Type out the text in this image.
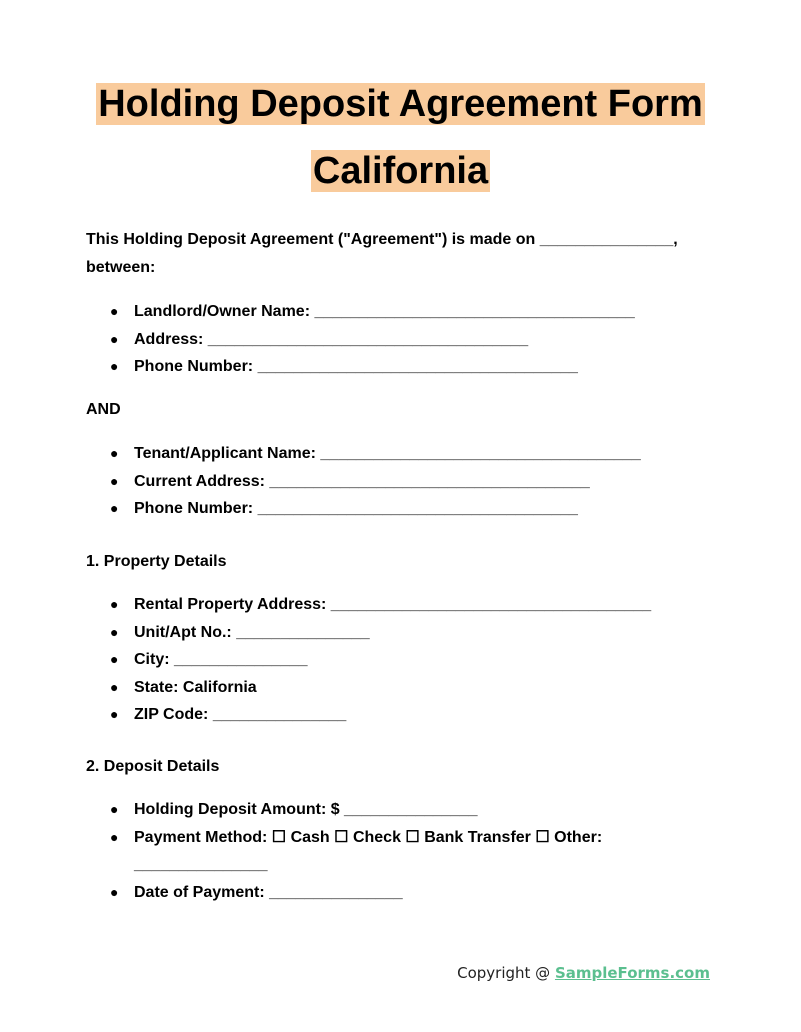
Holding Deposit Agreement Form
California
This Holding Deposit Agreement ("Agreement") is made on _______________,
between:
● Landlord/Owner Name: ____________________________________
● Address: ____________________________________
● Phone Number: ____________________________________
AND
● Tenant/Applicant Name: ____________________________________
● Current Address: ____________________________________
● Phone Number: ____________________________________
1. Property Details
● Rental Property Address: ____________________________________
● Unit/Apt No.: _______________
● City: _______________
● State: California
● ZIP Code: _______________
2. Deposit Details
● Holding Deposit Amount: $ _______________
● Payment Method: ☐ Cash ☐ Check ☐ Bank Transfer ☐ Other:
_______________
● Date of Payment: _______________
Copyright @ SampleForms.com
